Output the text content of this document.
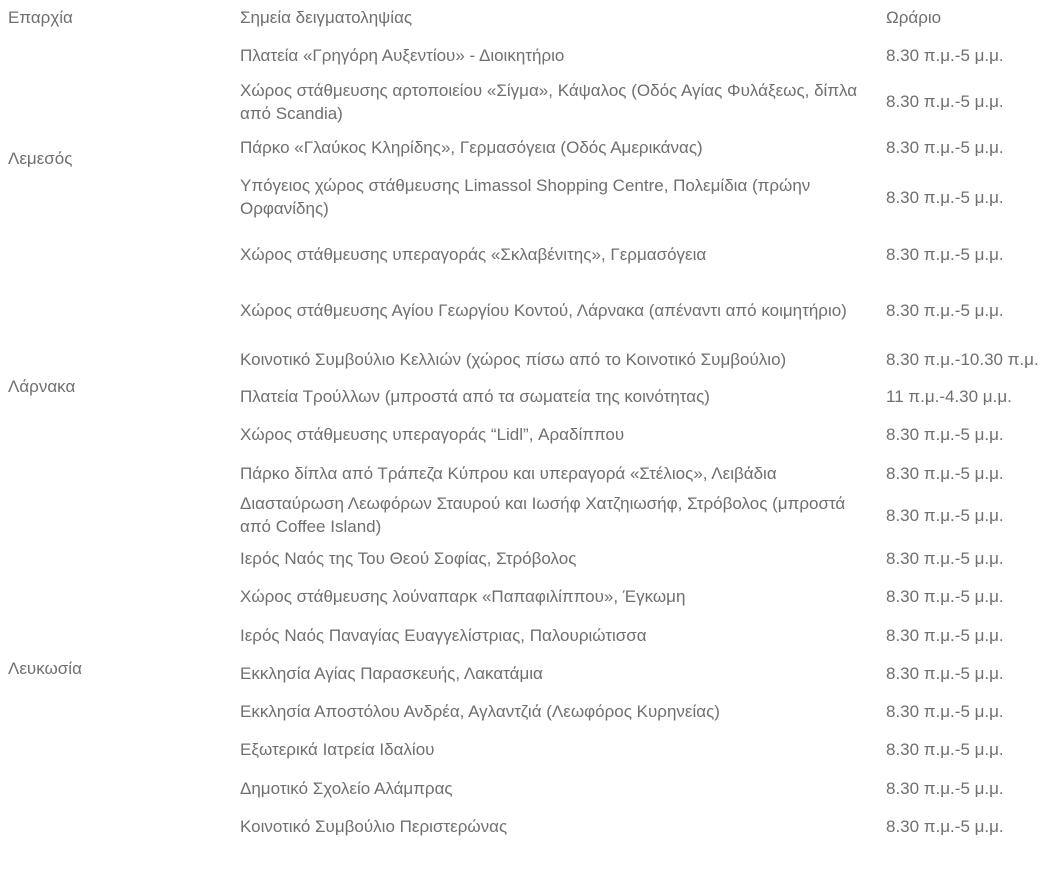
Επαρχία	Σημεία δειγματοληψίας	Ωράριο
Λεμεσός	Πλατεία «Γρηγόρη Αυξεντίου» - Διοικητήριο	8.30 π.μ.-5 μ.μ.
	Χώρος στάθμευσης αρτοποιείου «Σίγμα», Κάψαλος (Οδός Αγίας Φυλάξεως, δίπλα από Scandia)	8.30 π.μ.-5 μ.μ.
	Πάρκο «Γλαύκος Κληρίδης», Γερμασόγεια (Οδός Αμερικάνας)	8.30 π.μ.-5 μ.μ.
	Υπόγειος χώρος στάθμευσης Limassol Shopping Centre, Πολεμίδια (πρώην Ορφανίδης)	8.30 π.μ.-5 μ.μ.
	Χώρος στάθμευσης υπεραγοράς «Σκλαβένιτης», Γερμασόγεια	8.30 π.μ.-5 μ.μ.
Λάρνακα	Χώρος στάθμευσης Αγίου Γεωργίου Κοντού, Λάρνακα (απέναντι από κοιμητήριο)	8.30 π.μ.-5 μ.μ.
	Κοινοτικό Συμβούλιο Κελλιών (χώρος πίσω από το Κοινοτικό Συμβούλιο)	8.30 π.μ.-10.30 π.μ.
	Πλατεία Τρούλλων (μπροστά από τα σωματεία της κοινότητας)	11 π.μ.-4.30 μ.μ.
	Χώρος στάθμευσης υπεραγοράς “Lidl”, Αραδίππου	8.30 π.μ.-5 μ.μ.
	Πάρκο δίπλα από Τράπεζα Κύπρου και υπεραγορά «Στέλιος», Λειβάδια	8.30 π.μ.-5 μ.μ.
Λευκωσία	Διασταύρωση Λεωφόρων Σταυρού και Ιωσήφ Χατζηιωσήφ, Στρόβολος (μπροστά από Coffee Island)	8.30 π.μ.-5 μ.μ.
	Ιερός Ναός της Του Θεού Σοφίας, Στρόβολος	8.30 π.μ.-5 μ.μ.
	Χώρος στάθμευσης λούναπαρκ «Παπαφιλίππου», Έγκωμη	8.30 π.μ.-5 μ.μ.
	Ιερός Ναός Παναγίας Ευαγγελίστριας, Παλουριώτισσα	8.30 π.μ.-5 μ.μ.
	Εκκλησία Αγίας Παρασκευής, Λακατάμια	8.30 π.μ.-5 μ.μ.
	Εκκλησία Αποστόλου Ανδρέα, Αγλαντζιά (Λεωφόρος Κυρηνείας)	8.30 π.μ.-5 μ.μ.
	Εξωτερικά Ιατρεία Ιδαλίου	8.30 π.μ.-5 μ.μ.
	Δημοτικό Σχολείο Αλάμπρας	8.30 π.μ.-5 μ.μ.
	Κοινοτικό Συμβούλιο Περιστερώνας	8.30 π.μ.-5 μ.μ.
